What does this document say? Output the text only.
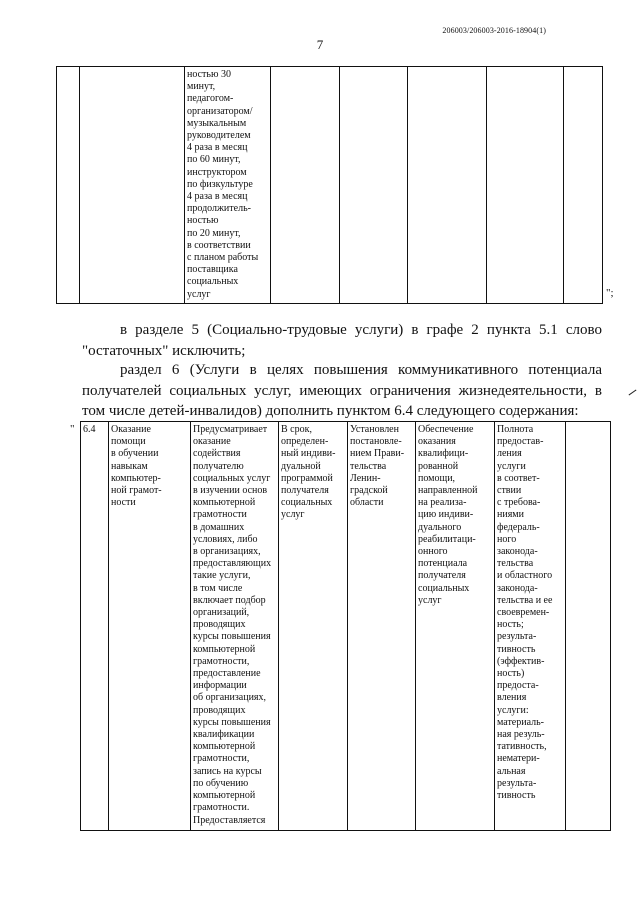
206003/206003-2016-18904(1)
7
		ностью 30
минут,
педагогом-
организатором/
музыкальным
руководителем
4 раза в месяц
по 60 минут,
инструктором
по физкультуре
4 раза в месяц
продолжитель-
ностью
по 20 минут,
в соответствии
с планом работы
поставщика
социальных
услуг						";
в разделе 5 (Социально-трудовые услуги) в графе 2 пункта 5.1 слово "остаточных" исключить;
раздел 6 (Услуги в целях повышения коммуникативного потенциала получателей социальных услуг, имеющих ограничения жизнедеятельности, в том числе детей-инвалидов) дополнить пунктом 6.4 следующего содержания:
" 6.4	Оказание
помощи
в обучении
навыкам
компьютер-
ной грамот-
ности	Предусматривает
оказание
содействия
получателю
социальных услуг
в изучении основ
компьютерной
грамотности
в домашних
условиях, либо
в организациях,
предоставляющих
такие услуги,
в том числе
включает подбор
организаций,
проводящих
курсы повышения
компьютерной
грамотности,
предоставление
информации
об организациях,
проводящих
курсы повышения
квалификации
компьютерной
грамотности,
запись на курсы
по обучению
компьютерной
грамотности.
Предоставляется	В срок,
определен-
ный индиви-
дуальной
программой
получателя
социальных
услуг	Установлен
постановле-
нием Прави-
тельства
Ленин-
градской
области	Обеспечение
оказания
квалифици-
рованной
помощи,
направленной
на реализа-
цию индиви-
дуального
реабилитаци-
онного
потенциала
получателя
социальных
услуг	Полнота
предостав-
ления
услуги
в соответ-
ствии
с требова-
ниями
федераль-
ного
законода-
тельства
и областного
законода-
тельства и ее
своевремен-
ность;
результа-
тивность
(эффектив-
ность)
предоста-
вления
услуги:
материаль-
ная резуль-
тативность,
нематери-
альная
результа-
тивность	
